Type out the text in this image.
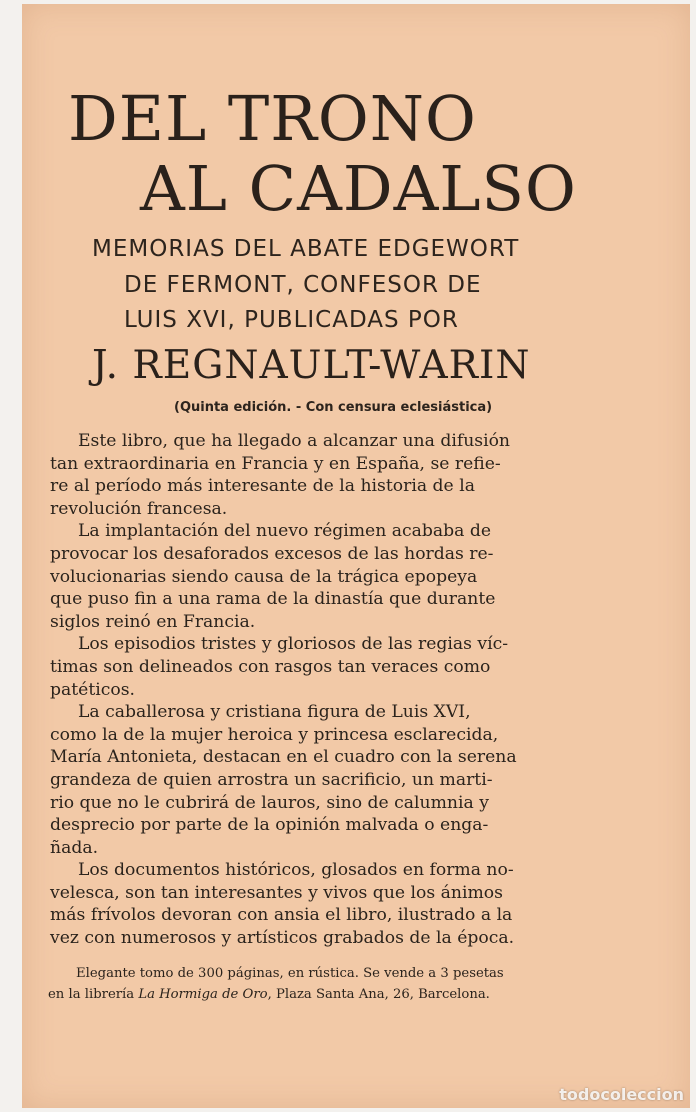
DEL TRONO
AL CADALSO

MEMORIAS DEL ABATE EDGEWORT

DE FERMONT, CONFESOR DE

LUIS XVI, PUBLICADAS POR

J. REGNAULT-WARIN

(Quinta edición. - Con censura eclesiástica)
Este libro, que ha llegado a alcanzar una difusión
tan extraordinaria en Francia y en España, se refie-
re al período más interesante de la historia de la
revolución francesa.
La implantación del nuevo régimen acababa de
provocar los desaforados excesos de las hordas re-
volucionarias siendo causa de la trágica epopeya
que puso fin a una rama de la dinastía que durante
siglos reinó en Francia.
Los episodios tristes y gloriosos de las regias víc-
timas son delineados con rasgos tan veraces como
patéticos.
La caballerosa y cristiana figura de Luis XVI,
como la de la mujer heroica y princesa esclarecida,
María Antonieta, destacan en el cuadro con la serena
grandeza de quien arrostra un sacrificio, un marti-
rio que no le cubrirá de lauros, sino de calumnia y
desprecio por parte de la opinión malvada o enga-
ñada.
Los documentos históricos, glosados en forma no-
velesca, son tan interesantes y vivos que los ánimos
más frívolos devoran con ansia el libro, ilustrado a la
vez con numerosos y artísticos grabados de la época.
Elegante tomo de 300 páginas, en rústica. Se vende a 3 pesetas
en la librería La Hormiga de Oro, Plaza Santa Ana, 26, Barcelona.
todocoleccion
